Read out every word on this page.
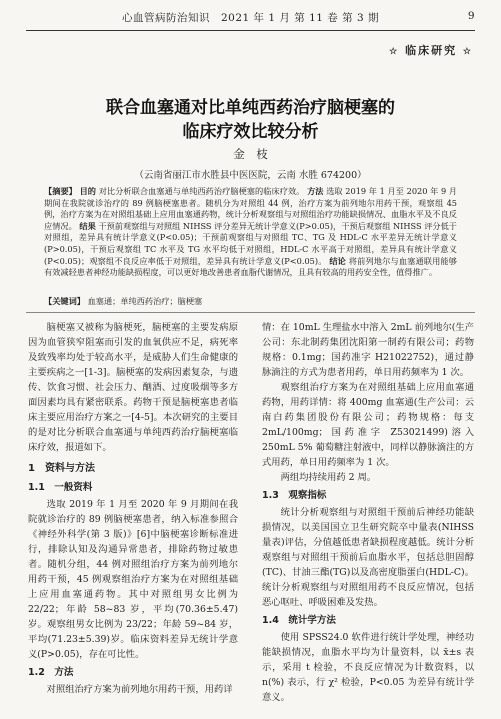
心血管病防治知识　2021 年 1 月 第 11 卷 第 3 期	9
☆ 临床研究 ☆
联合血塞通对比单纯西药治疗脑梗塞的
临床疗效比较分析
金　枝
（云南省丽江市水胜县中医医院，云南 水胜 674200）
【摘要】 目的 对比分析联合血塞通与单纯西药治疗脑梗塞的临床疗效。 方法 选取 2019 年 1 月至 2020 年 9 月期间在我院就诊治疗的 89 例脑梗塞患者。随机分为对照组 44 例，治疗方案为前列地尔用药干预，观察组 45 例，治疗方案为在对照组基础上应用血塞通药物，统计分析观察组与对照组治疗功能缺损情况、血脂水平及不良反应情况。 结果 干预前观察组与对照组 NIHSS 评分差异无统计学意义(P>0.05)，干预后观察组 NIHSS 评分低于对照组，差异具有统计学意义(P<0.05)；干预前观察组与对照组 TC、TG 及 HDL-C 水平差异无统计学意义(P>0.05)，干预后观察组 TC 水平及 TG 水平均低于对照组，HDL-C 水平高于对照组，差异具有统计学意义(P<0.05)；观察组不良反应率低于对照组，差异具有统计学意义(P<0.05)。 结论 将前列地尔与血塞通联用能够有效减轻患者神经功能缺损程度，可以更好地改善患者血脂代谢情况，且具有较高的用药安全性，值得推广。
【关键词】 血塞通；单纯西药治疗；脑梗塞

脑梗塞又被称为脑梗死，脑梗塞的主要发病原因为血管狭窄阻塞而引发的血氧供应不足，病死率及致残率均处于较高水平，是威胁人们生命健康的主要疾病之一[1-3]。脑梗塞的发病因素复杂，与遗传、饮食习惯、社会压力、酗酒、过度吸烟等多方面因素均具有紧密联系。药物干预是脑梗塞患者临床主要应用治疗方案之一[4-5]。本次研究的主要目的是对比分析联合血塞通与单纯西药治疗脑梗塞临床疗效，报道如下。

1　资料与方法
1.1　一般资料

选取 2019 年 1 月至 2020 年 9 月期间在我院就诊治疗的 89 例脑梗塞患者，纳入标准参照合《神经外科学(第 3 版)》[6]中脑梗塞诊断标准进行，排除认知及沟通异常患者，排除药物过敏患者。随机分组，44 例对照组治疗方案为前列地尔用药干预，45 例观察组治疗方案为在对照组基础上应用血塞通药物。其中对照组男女比例为 22/22；年龄 58~83 岁，平均(70.36±5.47)岁。观察组男女比例为 23/22；年龄 59~84 岁，平均(71.23±5.39)岁。临床资料差异无统计学意义(P>0.05)，存在可比性。

1.2　方法

对照组治疗方案为前列地尔用药干预，用药详

情：在 10mL 生理盐水中溶入 2mL 前列地尔(生产公司：东北制药集团沈阳第一制药有限公司；药物规格：0.1mg；国药准字 H21022752)，通过静脉滴注的方式为患者用药，单日用药频率为 1 次。

观察组治疗方案为在对照组基础上应用血塞通药物，用药详情：将 400mg 血塞通(生产公司：云南白药集团股份有限公司；药物规格：每支 2mL/100mg；国药准字 Z53021499)溶入 250mL 5% 葡萄糖注射液中，同样以静脉滴注的方式用药，单日用药频率为 1 次。

两组均持续用药 2 周。

1.3　观察指标

统计分析观察组与对照组干预前后神经功能缺损情况，以美国国立卫生研究院卒中量表(NIHSS 量表)评估，分值越低患者缺损程度越低。统计分析观察组与对照组干预前后血脂水平，包括总胆固醇(TC)、甘油三酯(TG)以及高密度脂蛋白(HDL-C)。统计分析观察组与对照组用药不良反应情况，包括恶心呕吐、呼吸困难及发热。

1.4　统计学方法

使用 SPSS24.0 软件进行统计学处理，神经功能缺损情况，血脂水平均为计量资料，以 x̄±s 表示，采用 t 检验，不良反应情况为计数资料，以 n(%) 表示，行 χ² 检验，P<0.05 为差异有统计学意义。
